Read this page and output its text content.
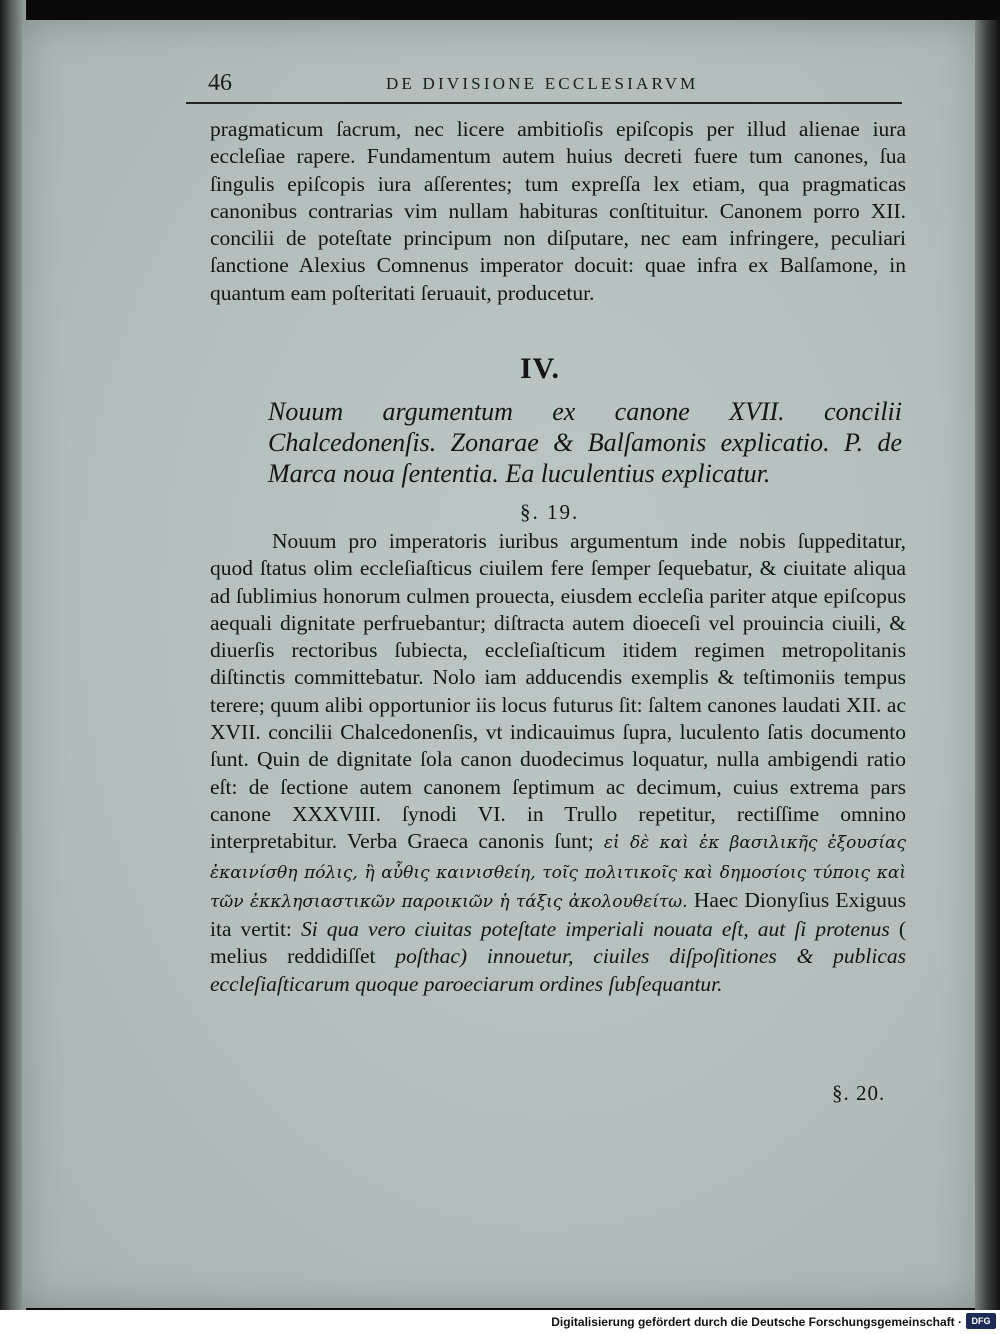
46	DE DIVISIONE ECCLESIARVM
pragmaticum ſacrum, nec licere ambitioſis epiſcopis per illud alienae iura eccleſiae rapere. Fundamentum autem huius decreti fuere tum canones, ſua ſingulis epiſcopis iura aſſerentes; tum expreſſa lex etiam, qua pragmaticas canonibus contrarias vim nullam habituras conſtituitur. Canonem porro XII. concilii de poteſtate principum non diſputare, nec eam infringere, peculiari ſanctione Alexius Comnenus imperator docuit: quae infra ex Balſamone, in quantum eam poſteritati ſeruauit, producetur.
IV.
Nouum argumentum ex canone XVII. concilii Chalcedonenſis. Zonarae & Balſamonis explicatio. P. de Marca noua ſententia. Ea luculentius explicatur.
§. 19.
Nouum pro imperatoris iuribus argumentum inde nobis ſuppeditatur, quod ſtatus olim eccleſiaſticus ciuilem fere ſemper ſequebatur, & ciuitate aliqua ad ſublimius honorum culmen prouecta, eiusdem eccleſia pariter atque epiſcopus aequali dignitate perfruebantur; diſtracta autem dioeceſi vel prouincia ciuili, & diuerſis rectoribus ſubiecta, eccleſiaſticum itidem regimen metropolitanis diſtinctis committebatur. Nolo iam adducendis exemplis & teſtimoniis tempus terere; quum alibi opportunior iis locus futurus ſit: ſaltem canones laudati XII. ac XVII. concilii Chalcedonenſis, vt indicauimus ſupra, luculento ſatis documento ſunt. Quin de dignitate ſola canon duodecimus loquatur, nulla ambigendi ratio eſt: de ſectione autem canonem ſeptimum ac decimum, cuius extrema pars canone XXXVIII. ſynodi VI. in Trullo repetitur, rectiſſime omnino interpretabitur. Verba Graeca canonis ſunt; εἰ δὲ καὶ ἐκ βασιλικῆς ἐξουσίας ἐκαινίσθη πόλις, ἢ αὖθις καινισθείη, τοῖς πολιτικοῖς καὶ δημοσίοις τύποις καὶ τῶν ἐκκλησιαστικῶν παροικιῶν ἡ τάξις ἀκολουθείτω. Haec Dionyſius Exiguus ita vertit: Si qua vero ciuitas poteſtate imperiali nouata eſt, aut ſi protenus ( melius reddidiſſet poſthac) innouetur, ciuiles diſpoſitiones & publicas eccleſiaſticarum quoque paroeciarum ordines ſubſequantur.
§. 20.
Digitalisierung gefördert durch die Deutsche Forschungsgemeinschaft ·	DFG
